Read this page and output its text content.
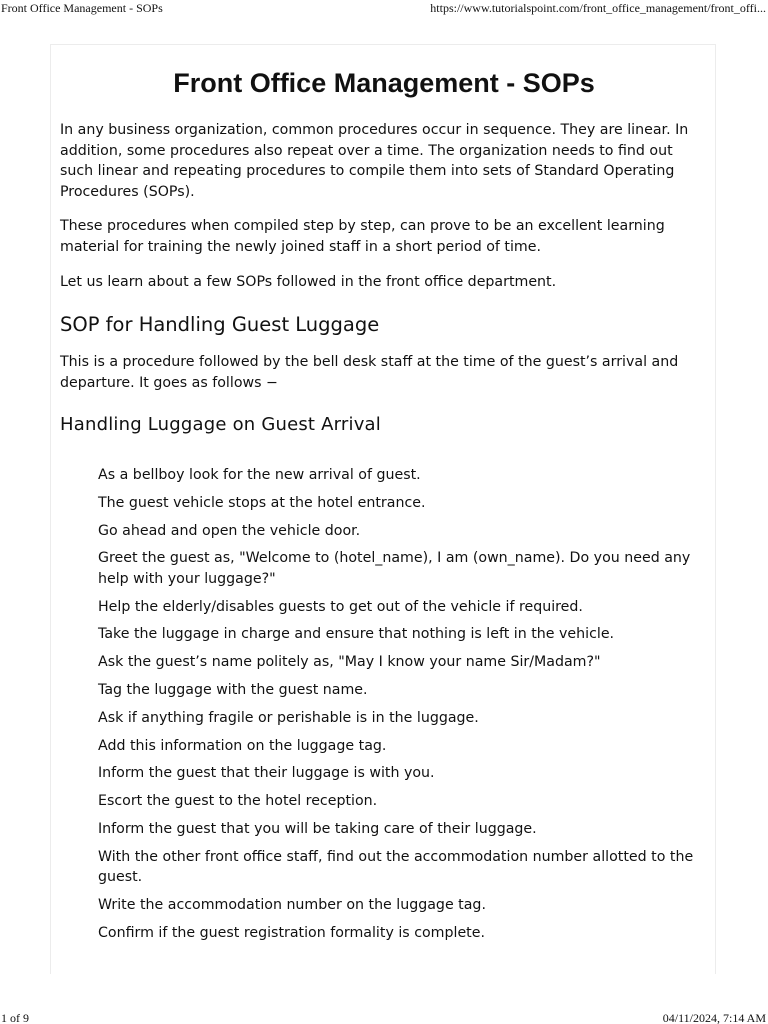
Front Office Management - SOPs	https://www.tutorialspoint.com/front_office_management/front_offi...
Front Office Management - SOPs

In any business organization, common procedures occur in sequence. They are linear. In addition, some procedures also repeat over a time. The organization needs to find out such linear and repeating procedures to compile them into sets of Standard Operating Procedures (SOPs).

These procedures when compiled step by step, can prove to be an excellent learning material for training the newly joined staff in a short period of time.

Let us learn about a few SOPs followed in the front office department.

SOP for Handling Guest Luggage

This is a procedure followed by the bell desk staff at the time of the guest’s arrival and departure. It goes as follows −

Handling Luggage on Guest Arrival
As a bellboy look for the new arrival of guest.
The guest vehicle stops at the hotel entrance.
Go ahead and open the vehicle door.
Greet the guest as, "Welcome to (hotel_name), I am (own_name). Do you need any help with your luggage?"
Help the elderly/disables guests to get out of the vehicle if required.
Take the luggage in charge and ensure that nothing is left in the vehicle.
Ask the guest’s name politely as, "May I know your name Sir/Madam?"
Tag the luggage with the guest name.
Ask if anything fragile or perishable is in the luggage.
Add this information on the luggage tag.
Inform the guest that their luggage is with you.
Escort the guest to the hotel reception.
Inform the guest that you will be taking care of their luggage.
With the other front office staff, find out the accommodation number allotted to the guest.
Write the accommodation number on the luggage tag.
Confirm if the guest registration formality is complete.
1 of 9	04/11/2024, 7:14 AM
